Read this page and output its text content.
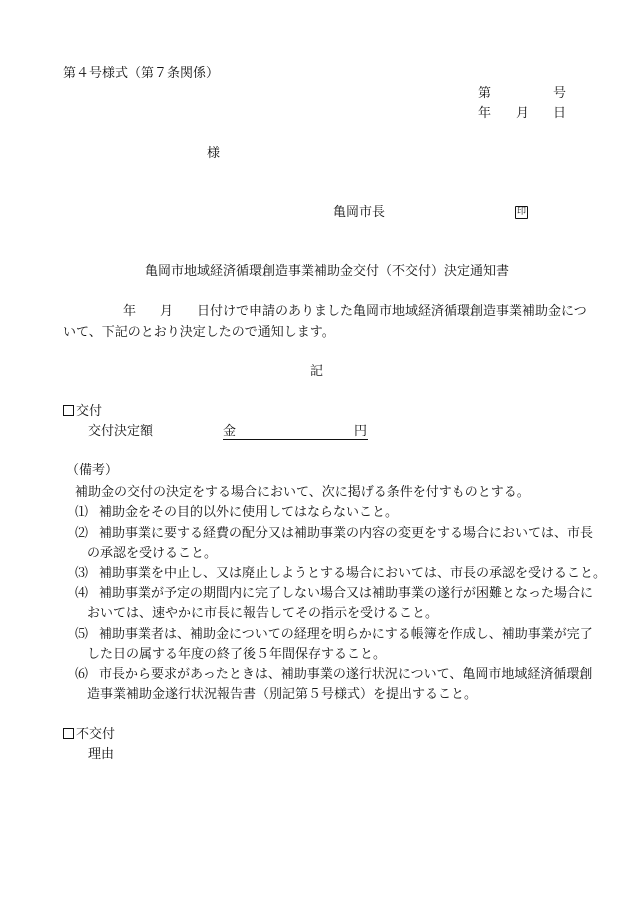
第４号様式（第７条関係）
第	号
年 月 日
様
亀岡市長	印
亀岡市地域経済循環創造事業補助金交付（不交付）決定通知書
年 月 日付けで申請のありました亀岡市地域経済循環創造事業補助金につ
いて、下記のとおり決定したので通知します。
記
交付
交付決定額	金	円
（備考）
補助金の交付の決定をする場合において、次に掲げる条件を付すものとする。
⑴ 補助金をその目的以外に使用してはならないこと。
⑵ 補助事業に要する経費の配分又は補助事業の内容の変更をする場合においては、市長
の承認を受けること。
⑶ 補助事業を中止し、又は廃止しようとする場合においては、市長の承認を受けること。
⑷ 補助事業が予定の期間内に完了しない場合又は補助事業の遂行が困難となった場合に
おいては、速やかに市長に報告してその指示を受けること。
⑸ 補助事業者は、補助金についての経理を明らかにする帳簿を作成し、補助事業が完了
した日の属する年度の終了後５年間保存すること。
⑹ 市長から要求があったときは、補助事業の遂行状況について、亀岡市地域経済循環創
造事業補助金遂行状況報告書（別記第５号様式）を提出すること。
不交付
理由
